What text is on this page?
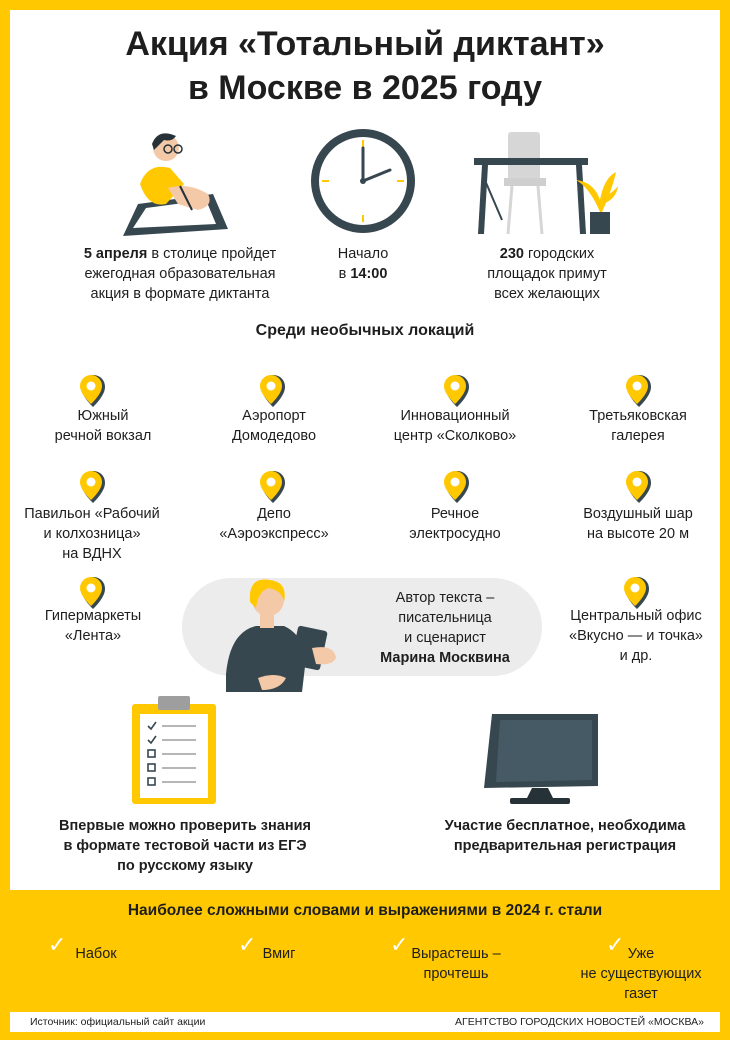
Акция «Тотальный диктант»
в Москве в 2025 году
5 апреля в столице пройдет
ежегодная образовательная
акция в формате диктанта
Начало
в 14:00
230 городских
площадок примут
всех желающих
Среди необычных локаций
Южный
речной вокзал
Аэропорт
Домодедово
Инновационный
центр «Сколково»
Третьяковская
галерея
Павильон «Рабочий
и колхозница»
на ВДНХ
Депо
«Аэроэкспресс»
Речное
электросудно
Воздушный шар
на высоте 20 м
Гипермаркеты
«Лента»
Центральный офис
«Вкусно — и точка»
и др.
Автор текста –
писательница
и сценарист
Марина Москвина
Впервые можно проверить знания
в формате тестовой части из ЕГЭ
по русскому языку
Участие бесплатное, необходима
предварительная регистрация
Наиболее сложными словами и выражениями в 2024 г. стали
✓ Набок	✓ Вмиг	✓ Вырастешь –
прочтешь
✓ Уже
не существующих
газет
Источник: официальный сайт акции	АГЕНТСТВО ГОРОДСКИХ НОВОСТЕЙ «МОСКВА»
